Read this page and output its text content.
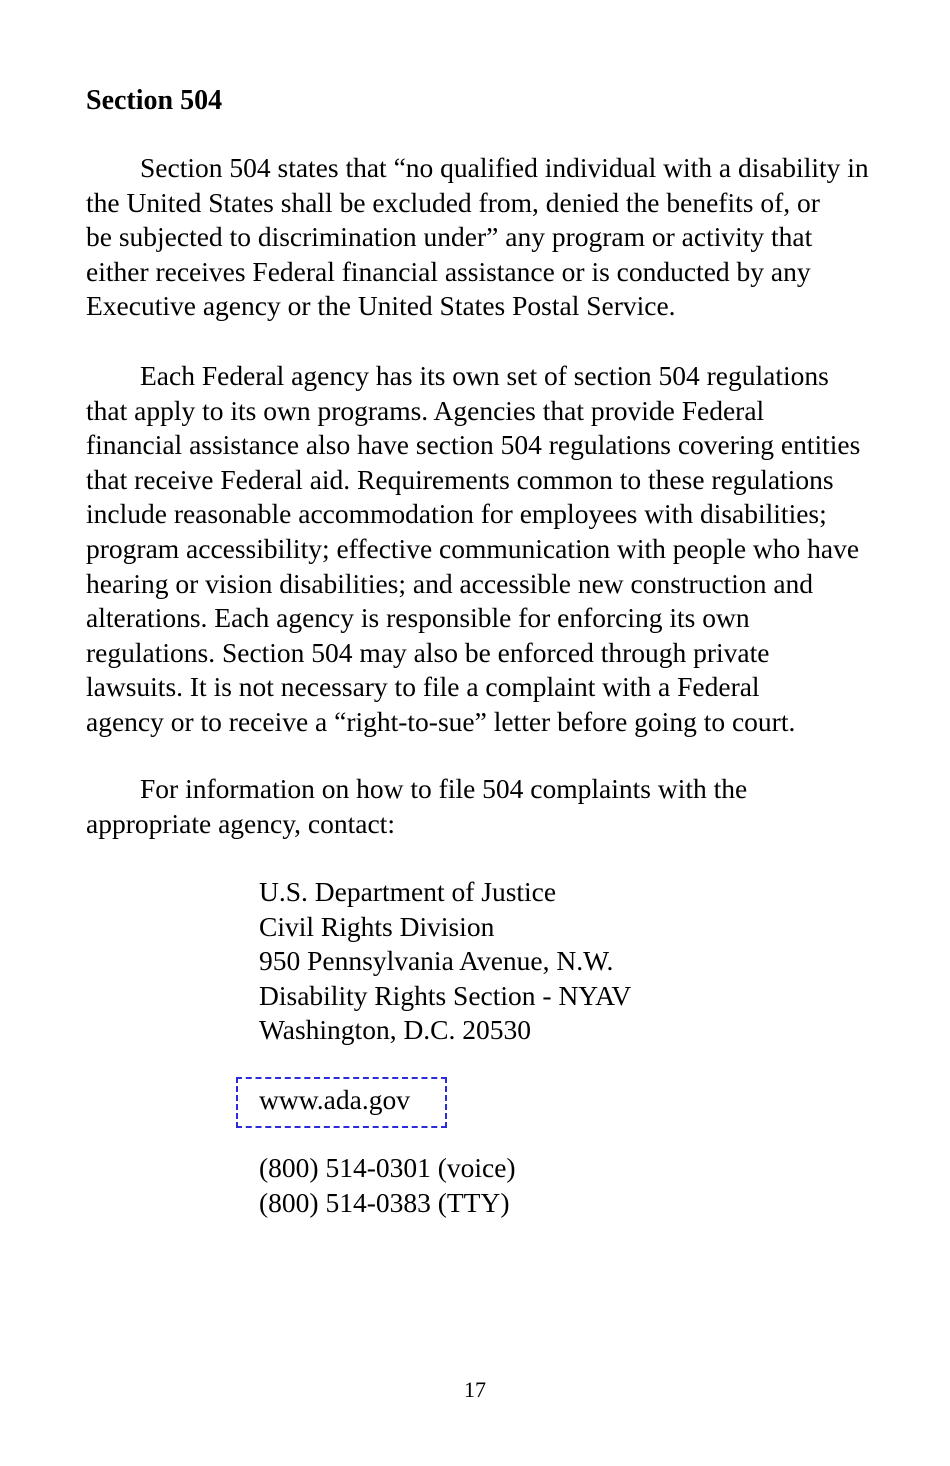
Section 504
Section 504 states that “no qualified individual with a disability in
the United States shall be excluded from, denied the benefits of, or
be subjected to discrimination under” any program or activity that
either receives Federal financial assistance or is conducted by any
Executive agency or the United States Postal Service.
Each Federal agency has its own set of section 504 regulations
that apply to its own programs. Agencies that provide Federal
financial assistance also have section 504 regulations covering entities
that receive Federal aid. Requirements common to these regulations
include reasonable accommodation for employees with disabilities;
program accessibility; effective communication with people who have
hearing or vision disabilities; and accessible new construction and
alterations. Each agency is responsible for enforcing its own
regulations. Section 504 may also be enforced through private
lawsuits. It is not necessary to file a complaint with a Federal
agency or to receive a “right-to-sue” letter before going to court.
For information on how to file 504 complaints with the
appropriate agency, contact:
U.S. Department of Justice
Civil Rights Division
950 Pennsylvania Avenue, N.W.
Disability Rights Section - NYAV
Washington, D.C. 20530
www.ada.gov
(800) 514-0301 (voice)
(800) 514-0383 (TTY)
17
